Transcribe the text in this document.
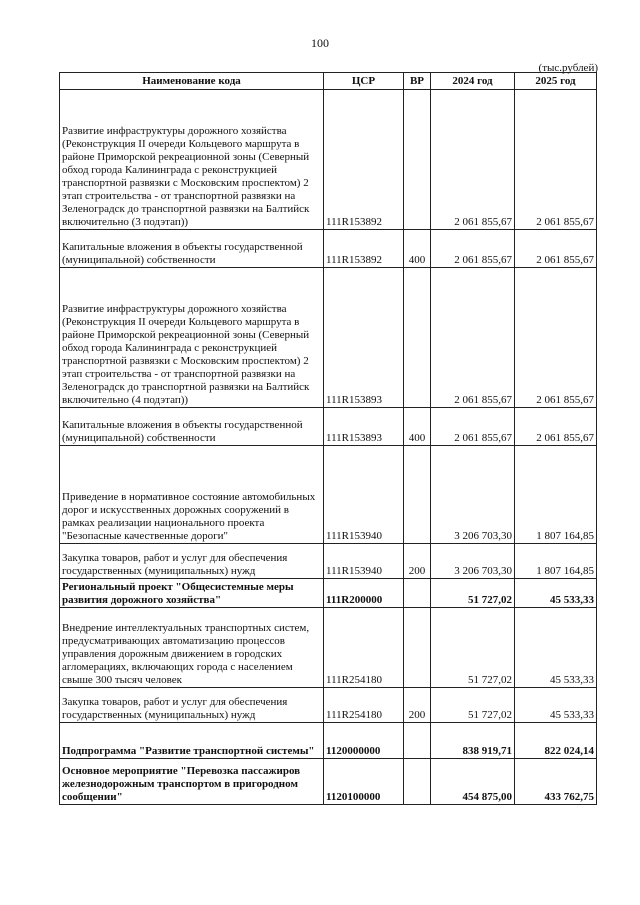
100
(тыс.рублей)
Наименование кода	ЦСР	ВР	2024 год	2025 год
Развитие инфраструктуры дорожного хозяйства (Реконструкция II очереди Кольцевого маршрута в районе Приморской рекреационной зоны (Северный обход города Калининграда с реконструкцией транспортной развязки с Московским проспектом) 2 этап строительства - от транспортной развязки на Зеленоградск до транспортной развязки на Балтийск включительно (3 подэтап))	111R153892		2 061 855,67	2 061 855,67
Капитальные вложения в объекты государственной (муниципальной) собственности	111R153892	400	2 061 855,67	2 061 855,67
Развитие инфраструктуры дорожного хозяйства (Реконструкция II очереди Кольцевого маршрута в районе Приморской рекреационной зоны (Северный обход города Калининграда с реконструкцией транспортной развязки с Московским проспектом) 2 этап строительства - от транспортной развязки на Зеленоградск до транспортной развязки на Балтийск включительно (4 подэтап))	111R153893		2 061 855,67	2 061 855,67
Капитальные вложения в объекты государственной (муниципальной) собственности	111R153893	400	2 061 855,67	2 061 855,67
Приведение в нормативное состояние автомобильных дорог и искусственных дорожных сооружений в рамках реализации национального проекта "Безопасные качественные дороги"	111R153940		3 206 703,30	1 807 164,85
Закупка товаров, работ и услуг для обеспечения государственных (муниципальных) нужд	111R153940	200	3 206 703,30	1 807 164,85
Региональный проект "Общесистемные меры развития дорожного хозяйства"	111R200000		51 727,02	45 533,33
Внедрение интеллектуальных транспортных систем, предусматривающих автоматизацию процессов управления дорожным движением в городских агломерациях, включающих города с населением свыше 300 тысяч человек	111R254180		51 727,02	45 533,33
Закупка товаров, работ и услуг для обеспечения государственных (муниципальных) нужд	111R254180	200	51 727,02	45 533,33
Подпрограмма "Развитие транспортной системы"	1120000000		838 919,71	822 024,14
Основное мероприятие "Перевозка пассажиров железнодорожным транспортом в пригородном сообщении"	1120100000		454 875,00	433 762,75
